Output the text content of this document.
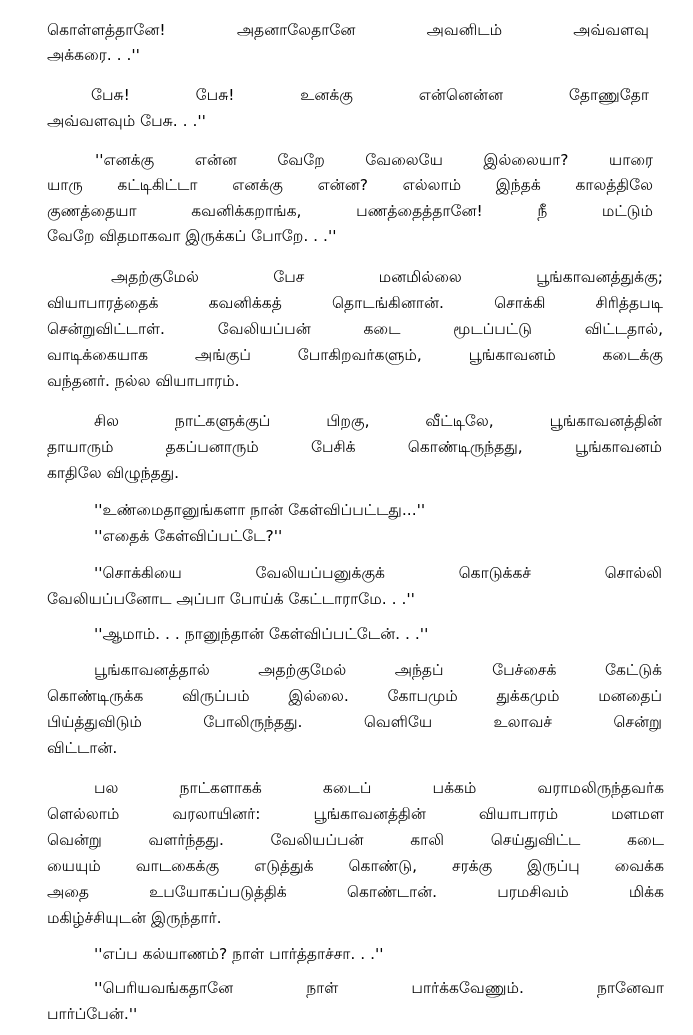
கொள்ளத்தானே! அதனாலேதானே அவனிடம் அவ்வளவு

அக்கரை. . .''

பேசு! பேசு! உனக்கு என்னென்ன தோணுதோ

அவ்வளவும் பேசு. . .''

''எனக்கு என்ன வேறே வேலையே இல்லையா? யாரை

யாரு கட்டிகிட்டா எனக்கு என்ன? எல்லாம் இந்தக் காலத்திலே

குணத்தையா கவனிக்கறாங்க, பணத்தைத்தானே! நீ மட்டும்

வேறே விதமாகவா இருக்கப் போறே. . .''

அதற்குமேல் பேச மனமில்லை பூங்காவனத்துக்கு;

வியாபாரத்தைக் கவனிக்கத் தொடங்கினான். சொக்கி சிரித்தபடி

சென்றுவிட்டாள். வேலியப்பன் கடை மூடப்பட்டு விட்டதால்,

வாடிக்கையாக அங்குப் போகிறவர்களும், பூங்காவனம் கடைக்கு

வந்தனர். நல்ல வியாபாரம்.

சில நாட்களுக்குப் பிறகு, வீட்டிலே, பூங்காவனத்தின்

தாயாரும் தகப்பனாரும் பேசிக் கொண்டிருந்தது, பூங்காவனம்

காதிலே விழுந்தது.

''உண்மைதானுங்களா நான் கேள்விப்பட்டது...''

''எதைக் கேள்விப்பட்டே?''

''சொக்கியை வேலியப்பனுக்குக் கொடுக்கச் சொல்லி

வேலியப்பனோட அப்பா போய்க் கேட்டாராமே. . .''

''ஆமாம். . . நானுந்தான் கேள்விப்பட்டேன். . .''

பூங்காவனத்தால் அதற்குமேல் அந்தப் பேச்சைக் கேட்டுக்

கொண்டிருக்க விருப்பம் இல்லை. கோபமும் துக்கமும் மனதைப்

பிய்த்துவிடும் போலிருந்தது. வெளியே உலாவச் சென்று

விட்டான்.

பல நாட்களாகக் கடைப் பக்கம் வராமலிருந்தவர்க

ளெல்லாம் வரலாயினர்: பூங்காவனத்தின் வியாபாரம் மளமள

வென்று வளர்ந்தது. வேலியப்பன் காலி செய்துவிட்ட கடை

யையும் வாடகைக்கு எடுத்துக் கொண்டு, சரக்கு இருப்பு வைக்க

அதை உபயோகப்படுத்திக் கொண்டான். பரமசிவம் மிக்க

மகிழ்ச்சியுடன் இருந்தார்.

''எப்ப கல்யாணம்? நாள் பார்த்தாச்சா. . .''

''பெரியவங்கதானே நாள் பார்க்கவேணும். நானேவா

பார்ப்பேன்.''
